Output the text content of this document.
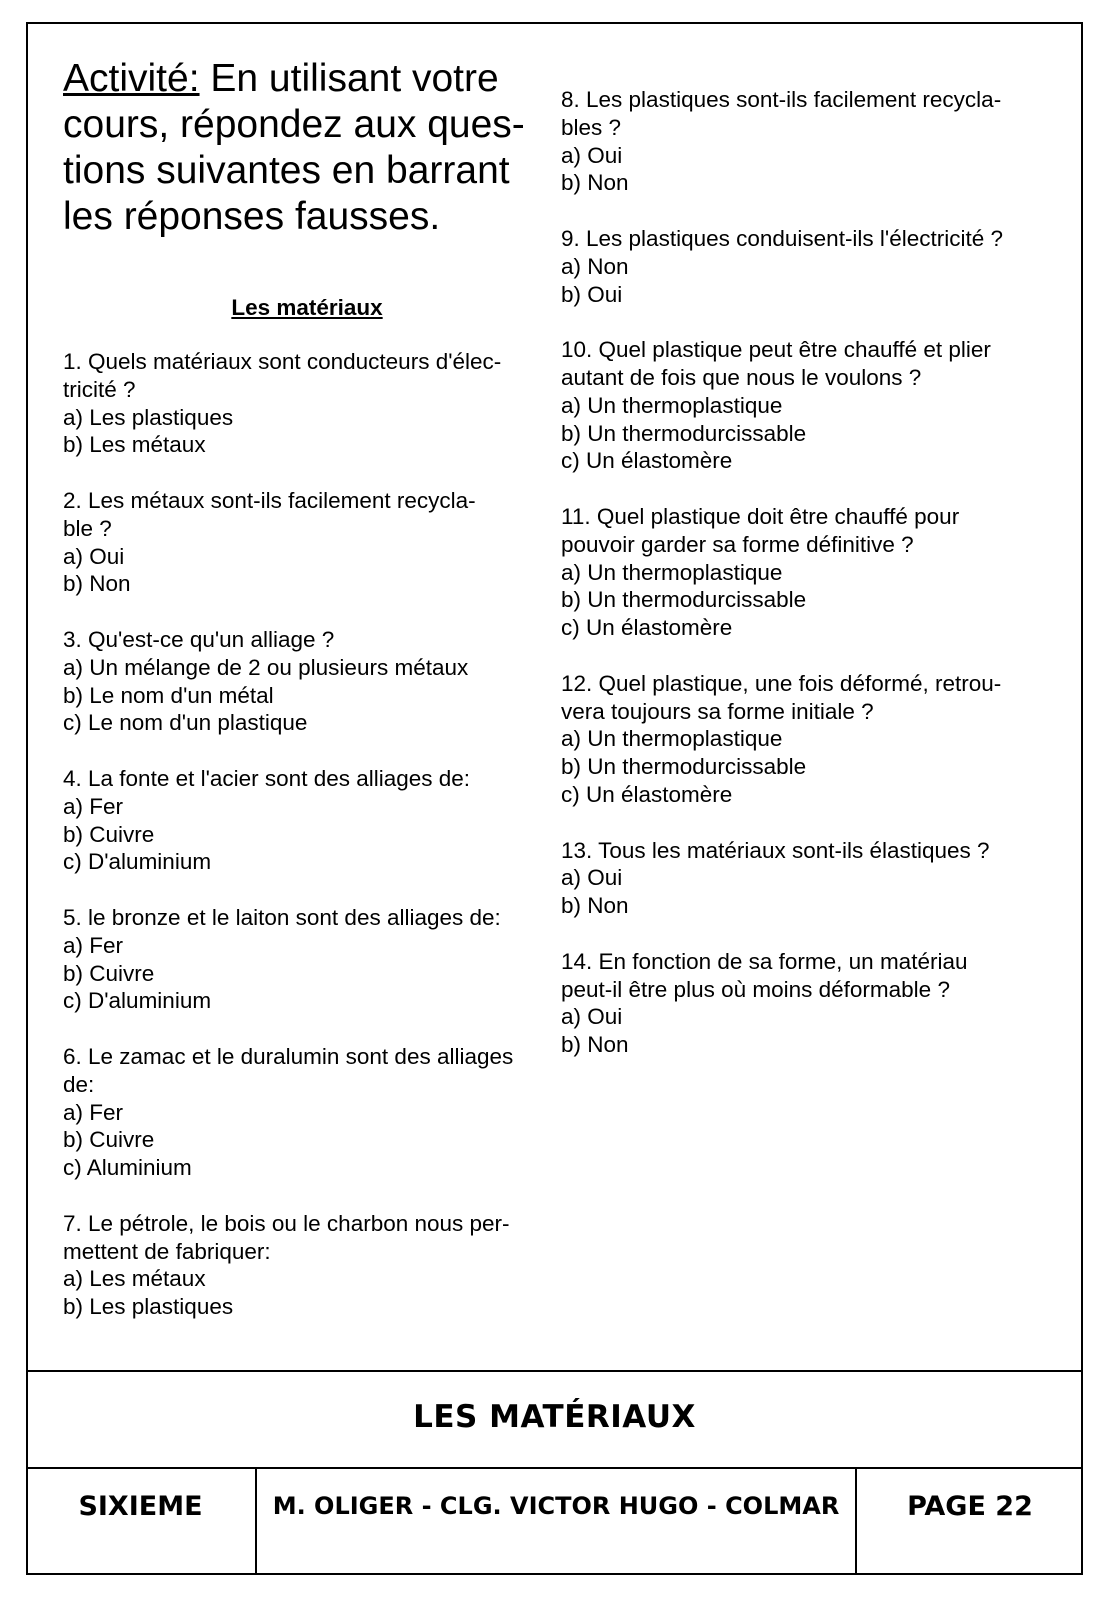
Activité: En utilisant votre cours, répondez aux ques-tions suivantes en barrant les réponses fausses.

Les matériaux
1. Quels matériaux sont conducteurs d'élec-
tricité ?
a) Les plastiques
b) Les métaux
2. Les métaux sont-ils facilement recycla-
ble ?
a) Oui
b) Non
3. Qu'est-ce qu'un alliage ?
a) Un mélange de 2 ou plusieurs métaux
b) Le nom d'un métal
c) Le nom d'un plastique
4. La fonte et l'acier sont des alliages de:
a) Fer
b) Cuivre
c) D'aluminium
5. le bronze et le laiton sont des alliages de:
a) Fer
b) Cuivre
c) D'aluminium
6. Le zamac et le duralumin sont des alliages
de:
a) Fer
b) Cuivre
c) Aluminium
7. Le pétrole, le bois ou le charbon nous per-
mettent de fabriquer:
a) Les métaux
b) Les plastiques
8. Les plastiques sont-ils facilement recycla-
bles ?
a) Oui
b) Non
9. Les plastiques conduisent-ils l'électricité ?
a) Non
b) Oui
10. Quel plastique peut être chauffé et plier
autant de fois que nous le voulons ?
a) Un thermoplastique
b) Un thermodurcissable
c) Un élastomère
11. Quel plastique doit être chauffé pour
pouvoir garder sa forme définitive ?
a) Un thermoplastique
b) Un thermodurcissable
c) Un élastomère
12. Quel plastique, une fois déformé, retrou-
vera toujours sa forme initiale ?
a) Un thermoplastique
b) Un thermodurcissable
c) Un élastomère
13. Tous les matériaux sont-ils élastiques ?
a) Oui
b) Non
14. En fonction de sa forme, un matériau
peut-il être plus où moins déformable ?
a) Oui
b) Non
LES MATÉRIAUX
SIXIEME	M. OLIGER - CLG. VICTOR HUGO - COLMAR	PAGE 22
